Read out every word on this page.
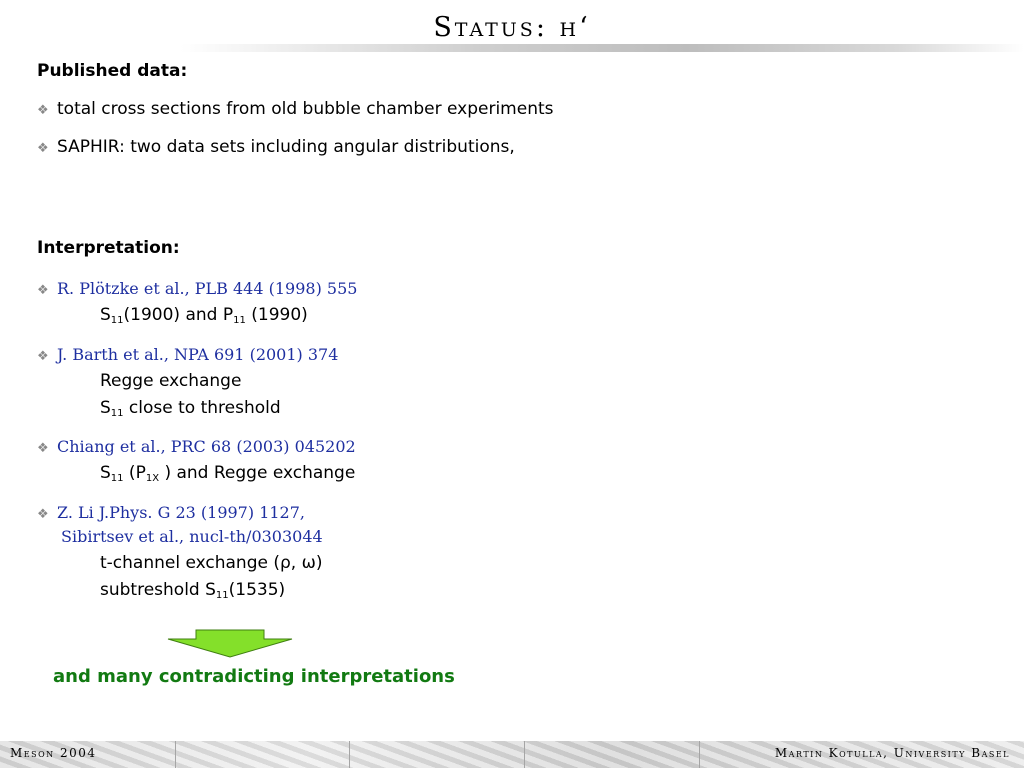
Status: η‘
Published data:
❖ total cross sections from old bubble chamber experiments
❖ SAPHIR: two data sets including angular distributions,
Interpretation:
❖ R. Plötzke et al., PLB 444 (1998) 555
$S_{11}(1900)$ and $P_{11}$ (1990)
❖ J. Barth et al., NPA 691 (2001) 374
Regge exchange
$S_{11}$ close to threshold
❖ Chiang et al., PRC 68 (2003) 045202
$S_{11}$ ($P_{1X}$ ) and Regge exchange
❖ Z. Li J.Phys. G 23 (1997) 1127,
Sibirtsev et al., nucl-th/0303044
t-channel exchange (ρ, ω)
subtreshold $S_{11}(1535)$
and many contradicting interpretations
Meson 2004	Martin Kotulla, University Basel
